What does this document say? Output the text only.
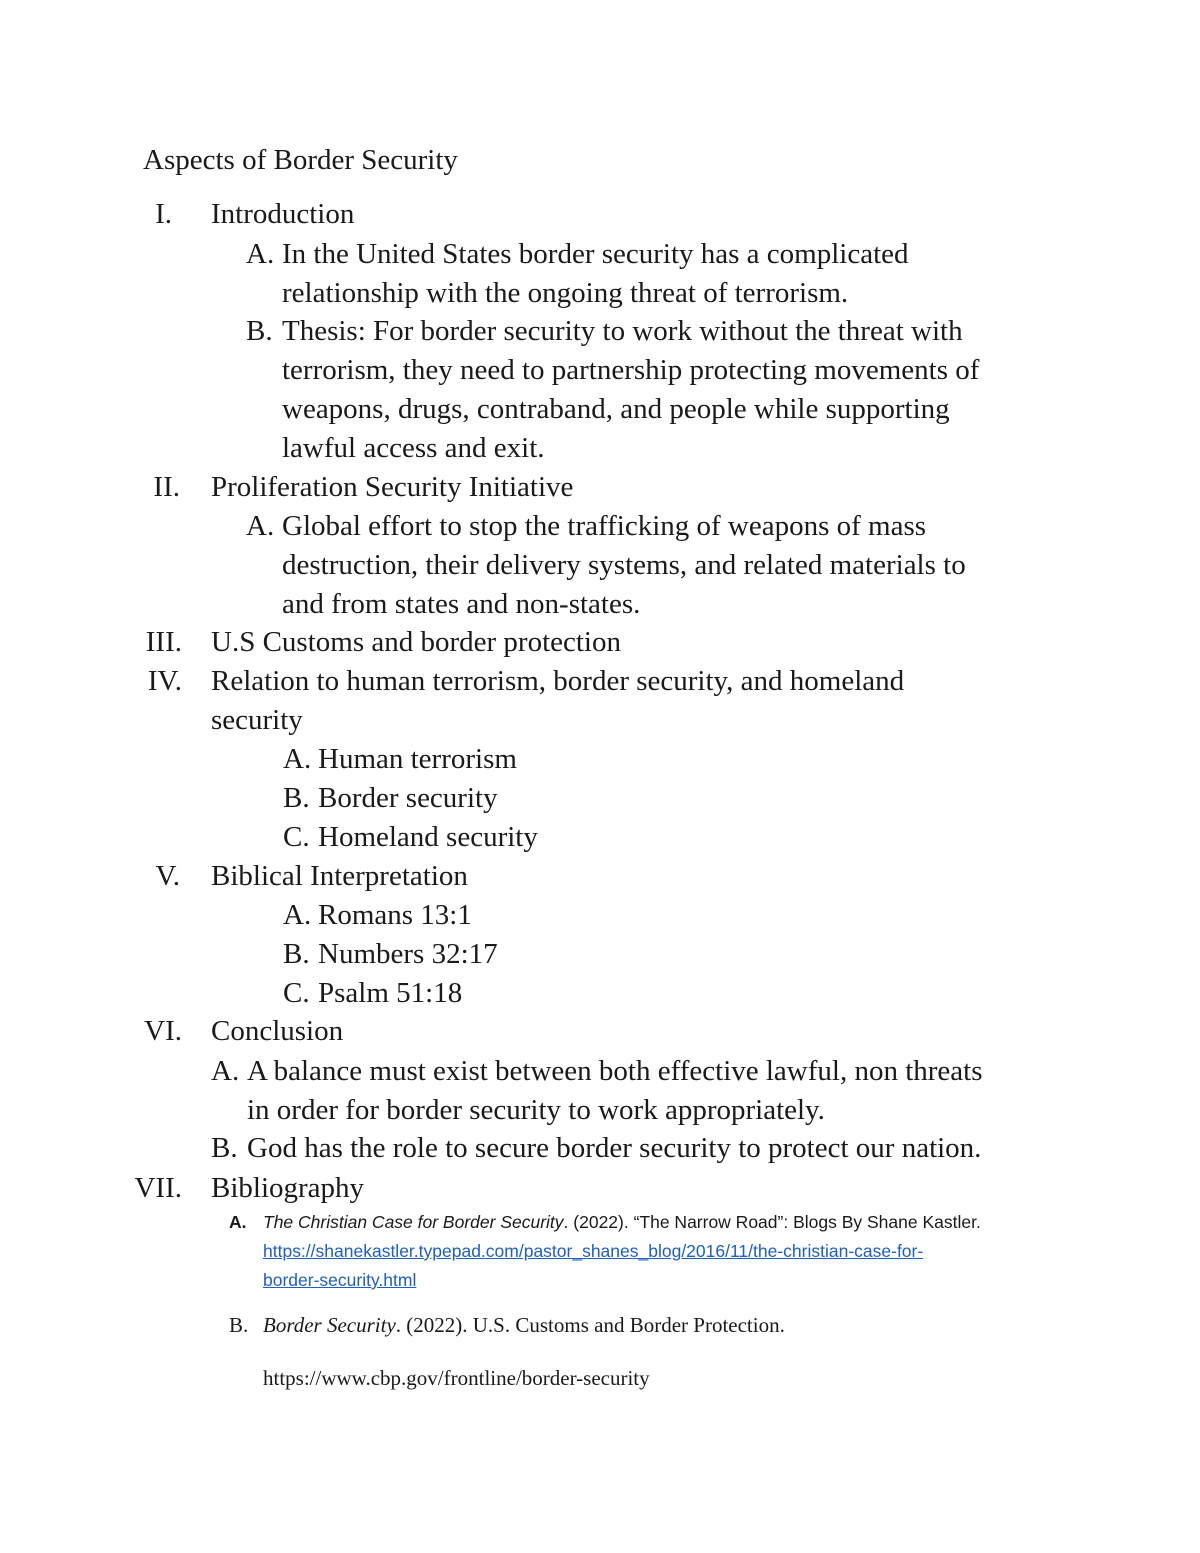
Aspects of Border Security
I. Introduction
A. In the United States border security has a complicated
relationship with the ongoing threat of terrorism.
B. Thesis: For border security to work without the threat with
terrorism, they need to partnership protecting movements of
weapons, drugs, contraband, and people while supporting
lawful access and exit.
II. Proliferation Security Initiative
A. Global effort to stop the trafficking of weapons of mass
destruction, their delivery systems, and related materials to
and from states and non-states.
III. U.S Customs and border protection
IV. Relation to human terrorism, border security, and homeland
security
A. Human terrorism
B. Border security
C. Homeland security
V. Biblical Interpretation
A. Romans 13:1
B. Numbers 32:17
C. Psalm 51:18
VI. Conclusion
A. A balance must exist between both effective lawful, non threats
in order for border security to work appropriately.
B. God has the role to secure border security to protect our nation.
VII. Bibliography
A. The Christian Case for Border Security. (2022). “The Narrow Road”: Blogs By Shane Kastler.
https://shanekastler.typepad.com/pastor_shanes_blog/2016/11/the-christian-case-for-
border-security.html
B. Border Security. (2022). U.S. Customs and Border Protection.
https://www.cbp.gov/frontline/border-security
